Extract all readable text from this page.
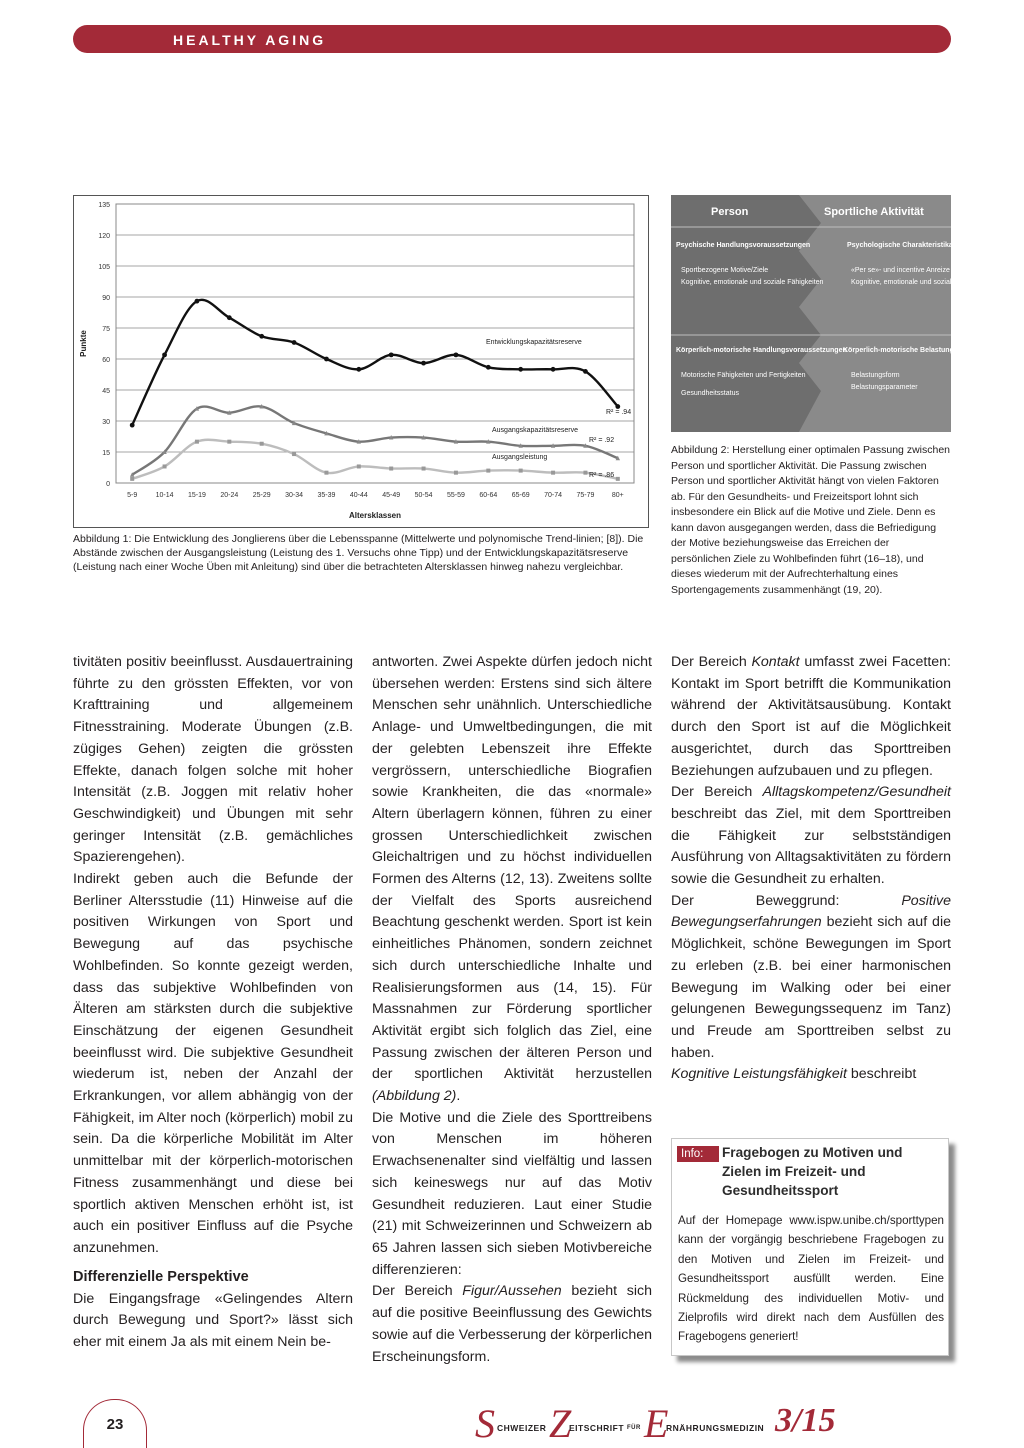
HEALTHY AGING
0
15
30
45
60
75
90
105
120
135
5-9	10-14 15-19 20-24 25-29 30-34 35-39 40-44 45-49 50-54 55-59 60-64 65-69 70-74 75-79 80+
Altersklassen
Punkte	Entwicklungskapazitätsreserve
Ausgangskapazitätsreserve
Ausgangsleistung
R² = .94
R² = .92
R² = .86
Abbildung 1: Die Entwicklung des Jonglierens über die Lebensspanne (Mittelwerte und polynomische Trend-linien; [8]). Die Abstände zwischen der Ausgangsleistung (Leistung des 1. Versuchs ohne Tipp) und der Entwicklungskapazitätsreserve (Leistung nach einer Woche Üben mit Anleitung) sind über die betrachteten Altersklassen hinweg nahezu vergleichbar.
Person	Sportliche Aktivität
Psychische Handlungsvoraussetzungen
Sportbezogene Motive/Ziele
Kognitive, emotionale und soziale Fähigkeiten
Psychologische Charakteristika
«Per se»- und incentive Anreize
Kognitive, emotionale und soziale Anforderungen
Körperlich-motorische Handlungsvoraussetzungen
Motorische Fähigkeiten und Fertigkeiten
Gesundheitsstatus
Körperlich-motorische Belastung
Belastungsform
Belastungsparameter
Abbildung 2: Herstellung einer optimalen Passung zwischen Person und sportlicher Aktivität. Die Passung zwischen Person und sportlicher Aktivität hängt von vielen Faktoren ab. Für den Gesundheits- und Freizeitsport lohnt sich insbesondere ein Blick auf die Motive und Ziele. Denn es kann davon ausgegangen werden, dass die Befriedigung der Motive beziehungsweise das Erreichen der persönlichen Ziele zu Wohlbefinden führt (16–18), und dieses wiederum mit der Aufrechterhaltung eines Sportengagements zusammenhängt (19, 20).

tivitäten positiv beeinflusst. Ausdauertraining führte zu den grössten Effekten, vor von Krafttraining und allgemeinem Fitnesstraining. Moderate Übungen (z.B. zügiges Gehen) zeigten die grössten Effekte, danach folgen solche mit hoher Intensität (z.B. Joggen mit relativ hoher Geschwindigkeit) und Übungen mit sehr geringer Intensität (z.B. gemächliches Spazierengehen).

Indirekt geben auch die Befunde der Berliner Altersstudie (11) Hinweise auf die positiven Wirkungen von Sport und Bewegung auf das psychische Wohlbefinden. So konnte gezeigt werden, dass das subjektive Wohlbefinden von Älteren am stärksten durch die subjektive Einschätzung der eigenen Gesundheit beeinflusst wird. Die subjektive Gesundheit wiederum ist, neben der Anzahl der Erkrankungen, vor allem abhängig von der Fähigkeit, im Alter noch (körperlich) mobil zu sein. Da die körperliche Mobilität im Alter unmittelbar mit der körperlich-motorischen Fitness zusammenhängt und diese bei sportlich aktiven Menschen erhöht ist, ist auch ein positiver Einfluss auf die Psyche anzunehmen.

Differenzielle Perspektive

Die Eingangsfrage «Gelingendes Altern durch Bewegung und Sport?» lässt sich eher mit einem Ja als mit einem Nein be-

antworten. Zwei Aspekte dürfen jedoch nicht übersehen werden: Erstens sind sich ältere Menschen sehr unähnlich. Unterschiedliche Anlage- und Umweltbedingungen, die mit der gelebten Lebenszeit ihre Effekte vergrössern, unterschiedliche Biografien sowie Krankheiten, die das «normale» Altern überlagern können, führen zu einer grossen Unterschiedlichkeit zwischen Gleichaltrigen und zu höchst individuellen Formen des Alterns (12, 13). Zweitens sollte der Vielfalt des Sports ausreichend Beachtung geschenkt werden. Sport ist kein einheitliches Phänomen, sondern zeichnet sich durch unterschiedliche Inhalte und Realisierungsformen aus (14, 15). Für Massnahmen zur Förderung sportlicher Aktivität ergibt sich folglich das Ziel, eine Passung zwischen der älteren Person und der sportlichen Aktivität herzustellen (Abbildung 2).

Die Motive und die Ziele des Sporttreibens von Menschen im höheren Erwachsenenalter sind vielfältig und lassen sich keineswegs nur auf das Motiv Gesundheit reduzieren. Laut einer Studie (21) mit Schweizerinnen und Schweizern ab 65 Jahren lassen sich sieben Motivbereiche differenzieren:

Der Bereich Figur/Aussehen bezieht sich auf die positive Beeinflussung des Gewichts sowie auf die Verbesserung der körperlichen Erscheinungsform.

Der Bereich Kontakt umfasst zwei Facetten: Kontakt im Sport betrifft die Kommunikation während der Aktivitätsausübung. Kontakt durch den Sport ist auf die Möglichkeit ausgerichtet, durch das Sporttreiben Beziehungen aufzubauen und zu pflegen.

Der Bereich Alltagskompetenz/Gesundheit beschreibt das Ziel, mit dem Sporttreiben die Fähigkeit zur selbstständigen Ausführung von Alltagsaktivitäten zu fördern sowie die Gesundheit zu erhalten.

Der Beweggrund: Positive Bewegungserfahrungen bezieht sich auf die Möglichkeit, schöne Bewegungen im Sport zu erleben (z.B. bei einer harmonischen Bewegung im Walking oder bei einer gelungenen Bewegungssequenz im Tanz) und Freude am Sporttreiben selbst zu haben.

Kognitive Leistungsfähigkeit beschreibt

Info:	Fragebogen zu Motiven und Zielen im Freizeit- und Gesundheitssport
Auf der Homepage www.ispw.unibe.ch/sporttypen kann der vorgängig beschriebene Fragebogen zu den Motiven und Zielen im Freizeit- und Gesundheitssport ausfüllt werden. Eine Rückmeldung des individuellen Motiv- und Zielprofils wird direkt nach dem Ausfüllen des Fragebogens generiert!
23	S CHWEIZER Z
EITSCHRIFT FÜR E
RNÄHRUNGSMEDIZIN 3/15
